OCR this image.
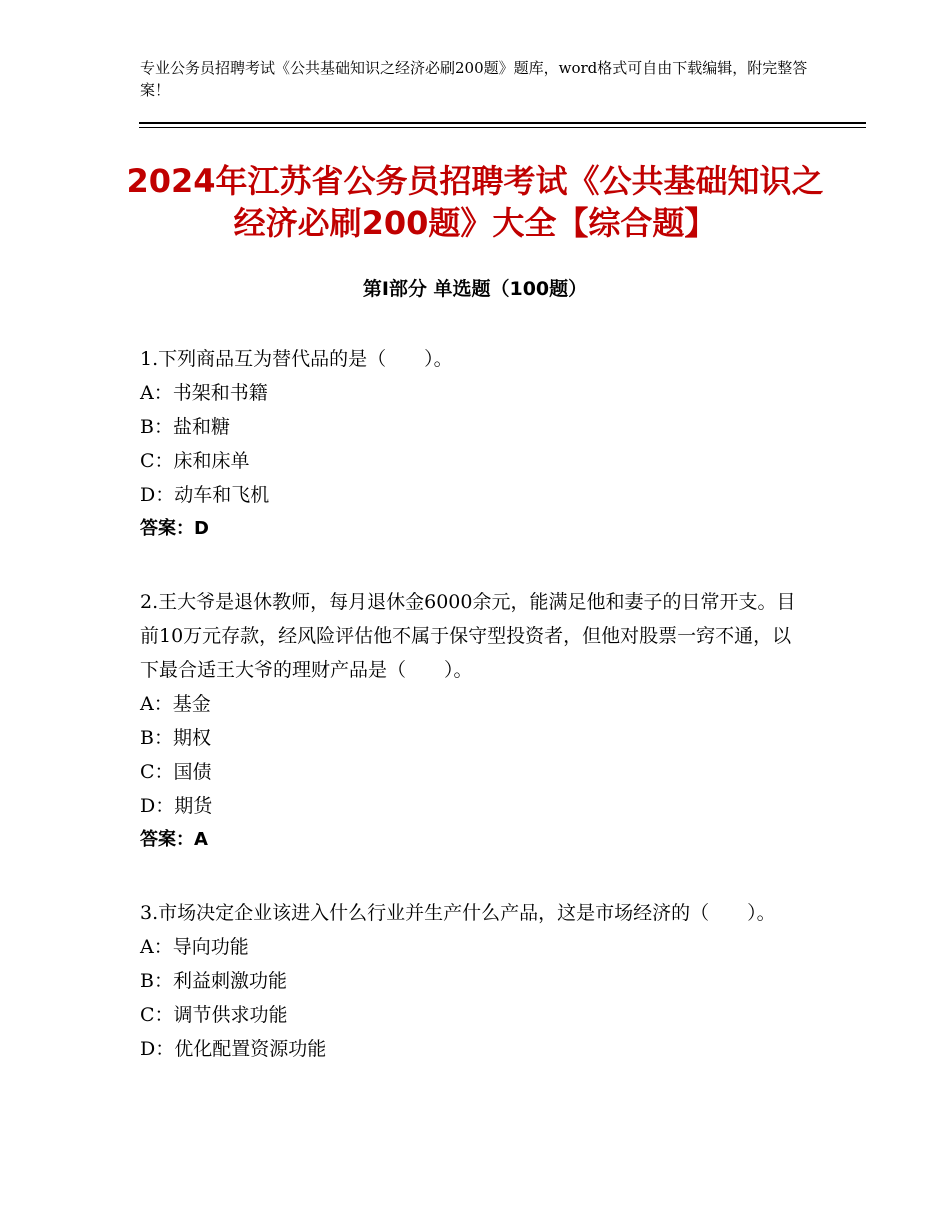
专业公务员招聘考试《公共基础知识之经济必刷200题》题库，word格式可自由下载编辑，附完整答案！
2024年江苏省公务员招聘考试《公共基础知识之经济必刷200题》大全【综合题】
第Ⅰ部分 单选题（100题）
1.下列商品互为替代品的是（　　）。
A：书架和书籍
B：盐和糖
C：床和床单
D：动车和飞机
答案：D
2.王大爷是退休教师，每月退休金6000余元，能满足他和妻子的日常开支。目前10万元存款，经风险评估他不属于保守型投资者，但他对股票一窍不通，以下最合适王大爷的理财产品是（　　）。
A：基金
B：期权
C：国债
D：期货
答案：A
3.市场决定企业该进入什么行业并生产什么产品，这是市场经济的（　　）。
A：导向功能
B：利益刺激功能
C：调节供求功能
D：优化配置资源功能
